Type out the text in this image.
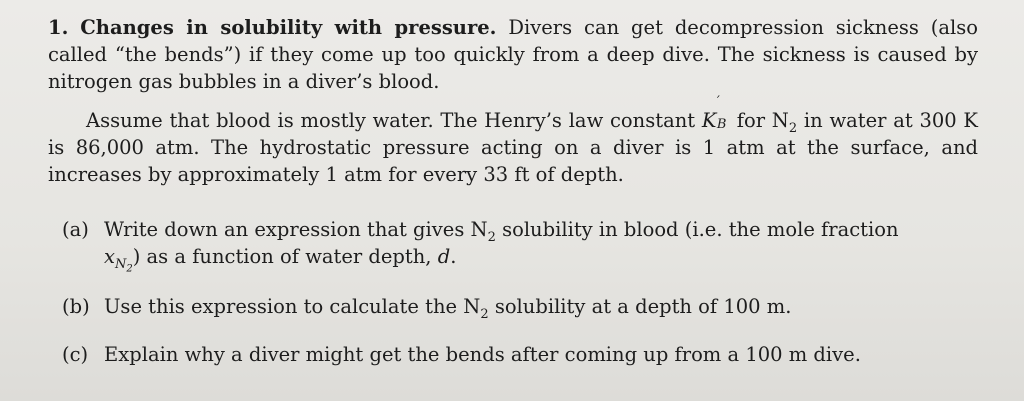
1. Changes in solubility with pressure. Divers can get decompression sickness (also called “the bends”) if they come up too quickly from a deep dive. The sickness is caused by nitrogen gas bubbles in a diver’s blood.
Assume that blood is mostly water. The Henry’s law constant K
′
B for $N_2$ in water at 300 K is 86,000 atm. The hydrostatic pressure acting on a diver is 1 atm at the surface, and increases by approximately 1 atm for every 33 ft of depth.
(a) Write down an expression that gives $N_2$ solubility in blood (i.e. the mole fraction
$x_{N_2}$) as a function of water depth, d.
(b) Use this expression to calculate the $N_2$ solubility at a depth of 100 m.
(c) Explain why a diver might get the bends after coming up from a 100 m dive.
